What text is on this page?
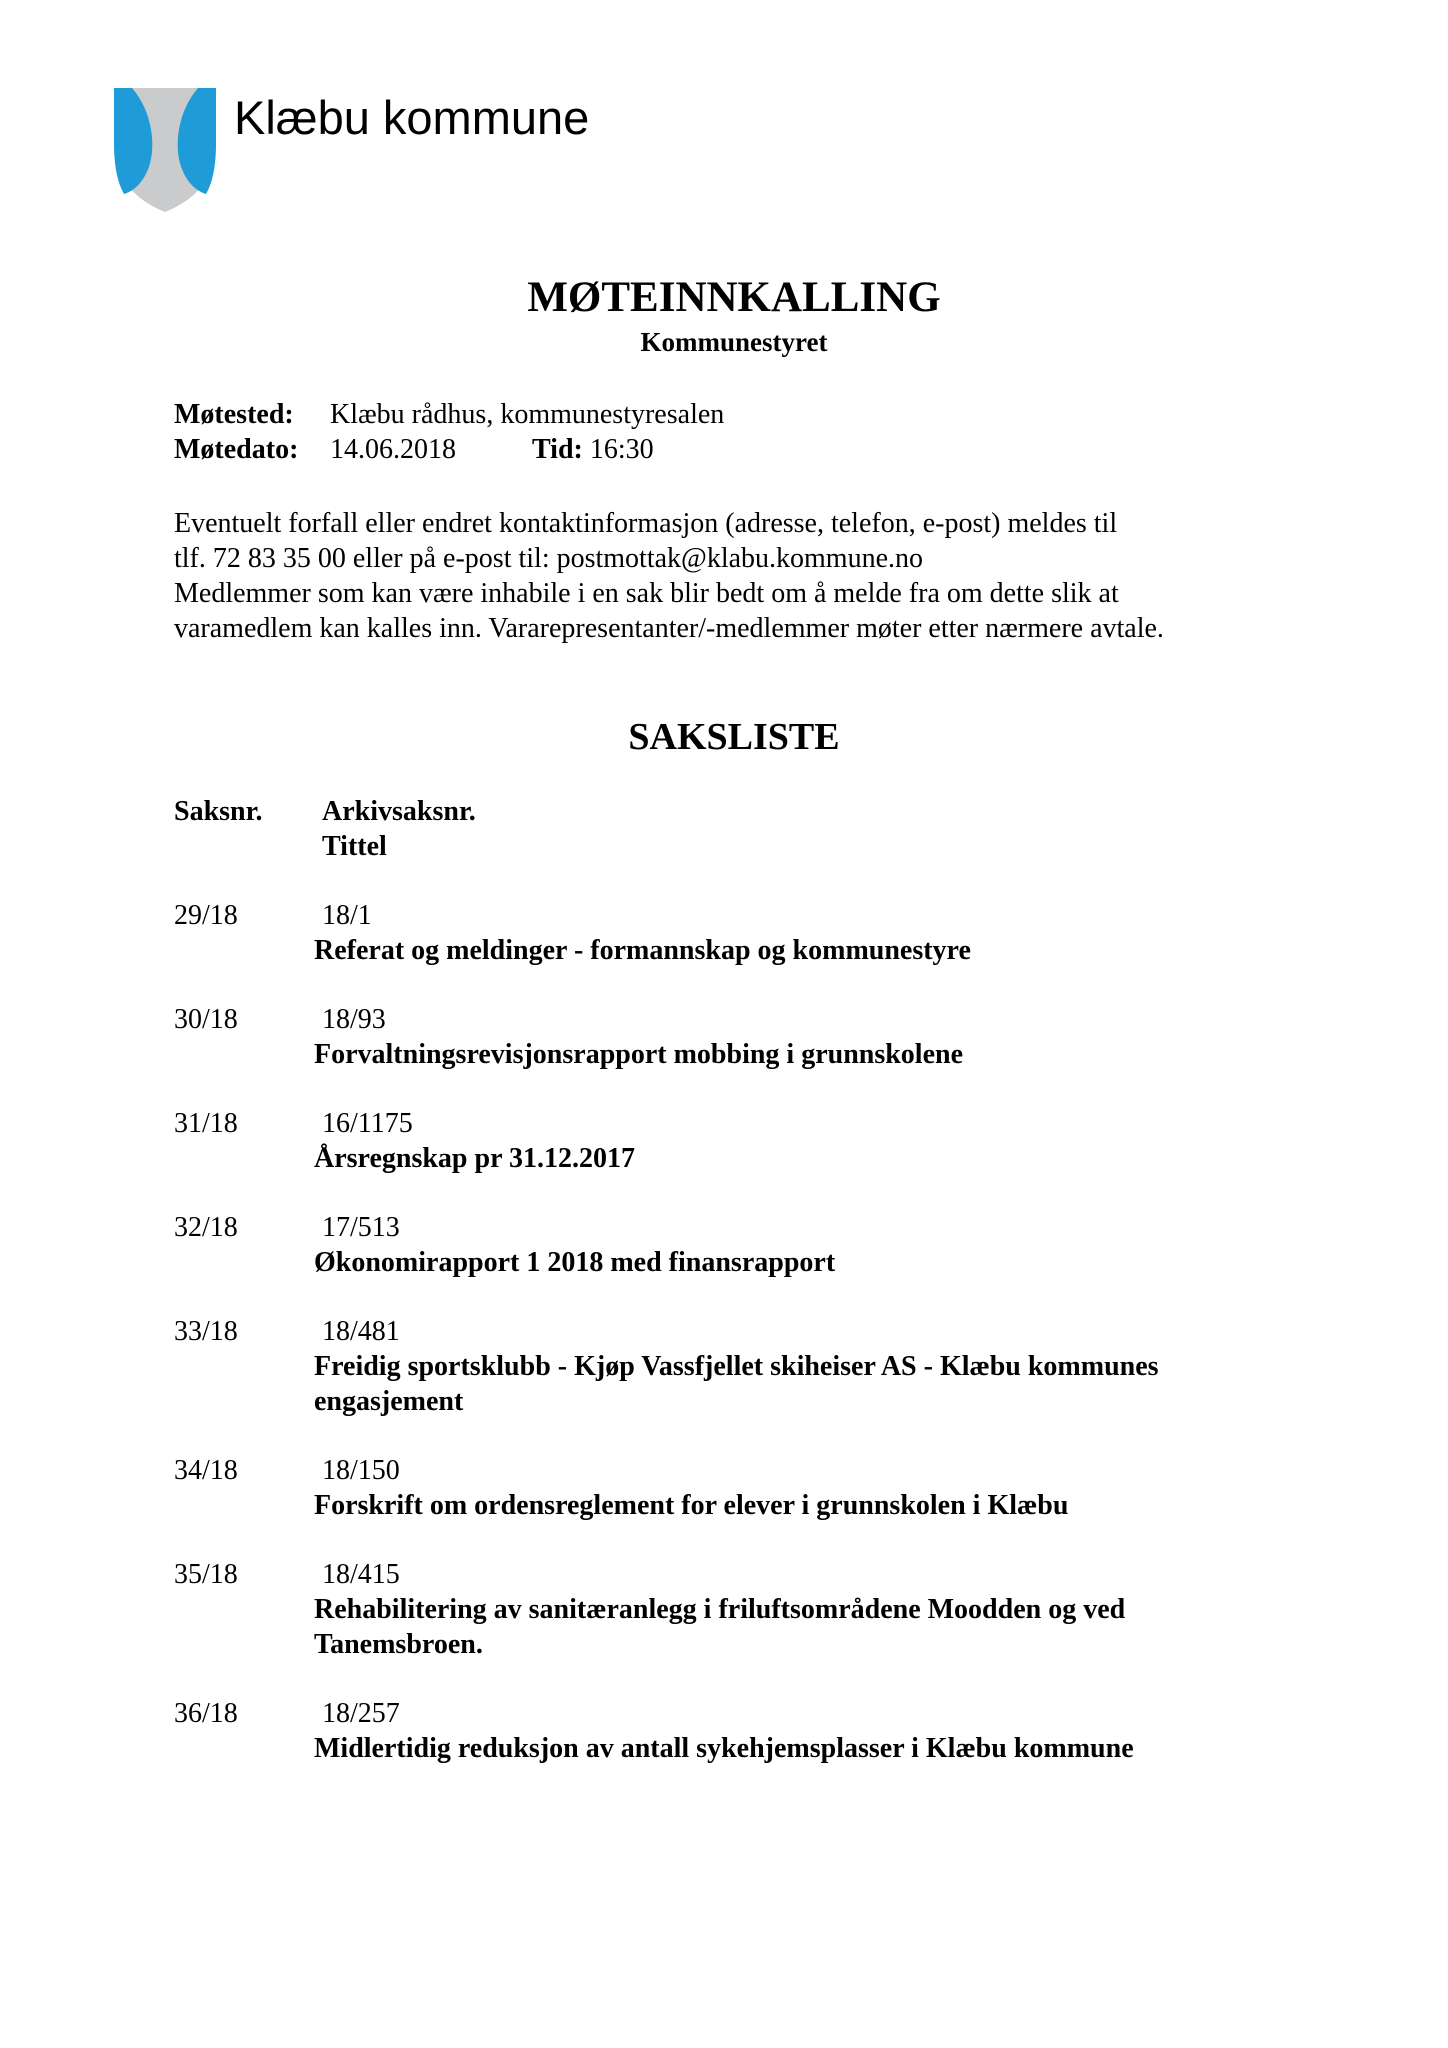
Klæbu kommune
MØTEINNKALLING
Kommunestyret
Møtested: Klæbu rådhus, kommunestyresalen
Møtedato: 14.06.2018	Tid: 16:30
Eventuelt forfall eller endret kontaktinformasjon (adresse, telefon, e-post) meldes til
tlf. 72 83 35 00 eller på e-post til: postmottak@klabu.kommune.no
Medlemmer som kan være inhabile i en sak blir bedt om å melde fra om dette slik at
varamedlem kan kalles inn. Vararepresentanter/-medlemmer møter etter nærmere avtale.
SAKSLISTE
Saksnr. Arkivsaksnr.
Tittel
29/18	18/1
Referat og meldinger - formannskap og kommunestyre
30/18	18/93
Forvaltningsrevisjonsrapport mobbing i grunnskolene
31/18	16/1175
Årsregnskap pr 31.12.2017
32/18	17/513
Økonomirapport 1 2018 med finansrapport
33/18	18/481
Freidig sportsklubb - Kjøp Vassfjellet skiheiser AS - Klæbu kommunes engasjement
34/18	18/150
Forskrift om ordensreglement for elever i grunnskolen i Klæbu
35/18	18/415
Rehabilitering av sanitæranlegg i friluftsområdene Moodden og ved Tanemsbroen.
36/18	18/257
Midlertidig reduksjon av antall sykehjemsplasser i Klæbu kommune
